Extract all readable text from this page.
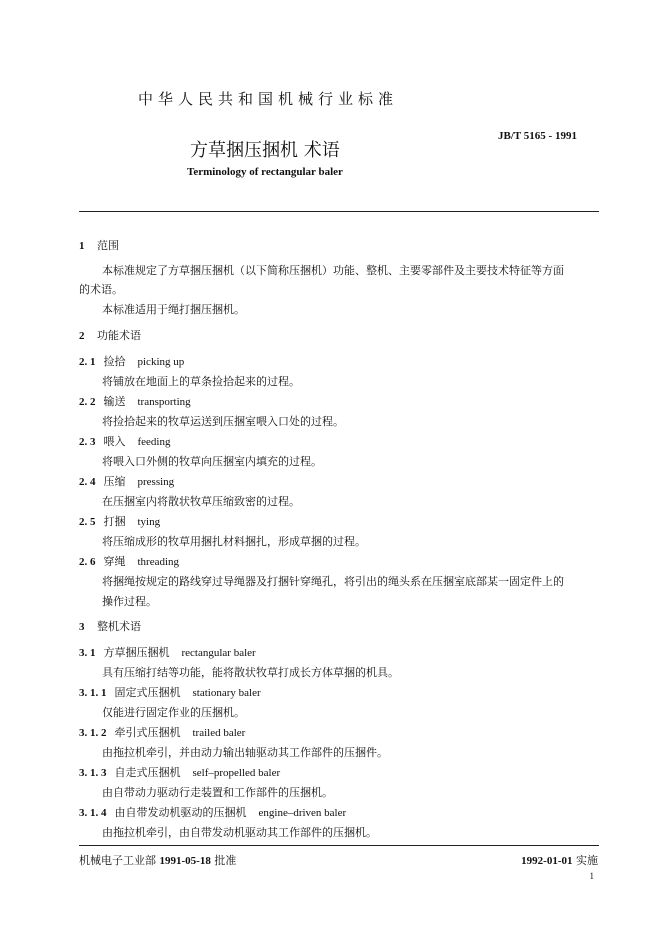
中华人民共和国机械行业标准
JB/T 5165 - 1991
方草捆压捆机 术语
Terminology of rectangular baler
1 范围
本标准规定了方草捆压捆机（以下简称压捆机）功能、整机、主要零部件及主要技术特征等方面
的术语。
本标准适用于绳打捆压捆机。
2 功能术语
2. 1 捡拾 picking up
将铺放在地面上的草条捡拾起来的过程。
2. 2 输送 transporting
将捡拾起来的牧草运送到压捆室喂入口处的过程。
2. 3 喂入 feeding
将喂入口外侧的牧草向压捆室内填充的过程。
2. 4 压缩 pressing
在压捆室内将散状牧草压缩致密的过程。
2. 5 打捆 tying
将压缩成形的牧草用捆扎材料捆扎，形成草捆的过程。
2. 6 穿绳 threading
将捆绳按规定的路线穿过导绳器及打捆针穿绳孔，将引出的绳头系在压捆室底部某一固定件上的
操作过程。
3 整机术语
3. 1 方草捆压捆机 rectangular baler
具有压缩打结等功能，能将散状牧草打成长方体草捆的机具。
3. 1. 1 固定式压捆机 stationary baler
仅能进行固定作业的压捆机。
3. 1. 2 牵引式压捆机 trailed baler
由拖拉机牵引，并由动力输出轴驱动其工作部件的压捆件。
3. 1. 3 自走式压捆机 self–propelled baler
由自带动力驱动行走装置和工作部件的压捆机。
3. 1. 4 由自带发动机驱动的压捆机 engine–driven baler
由拖拉机牵引，由自带发动机驱动其工作部件的压捆机。
机械电子工业部 1991-05-18 批准	1992-01-01 实施
1
